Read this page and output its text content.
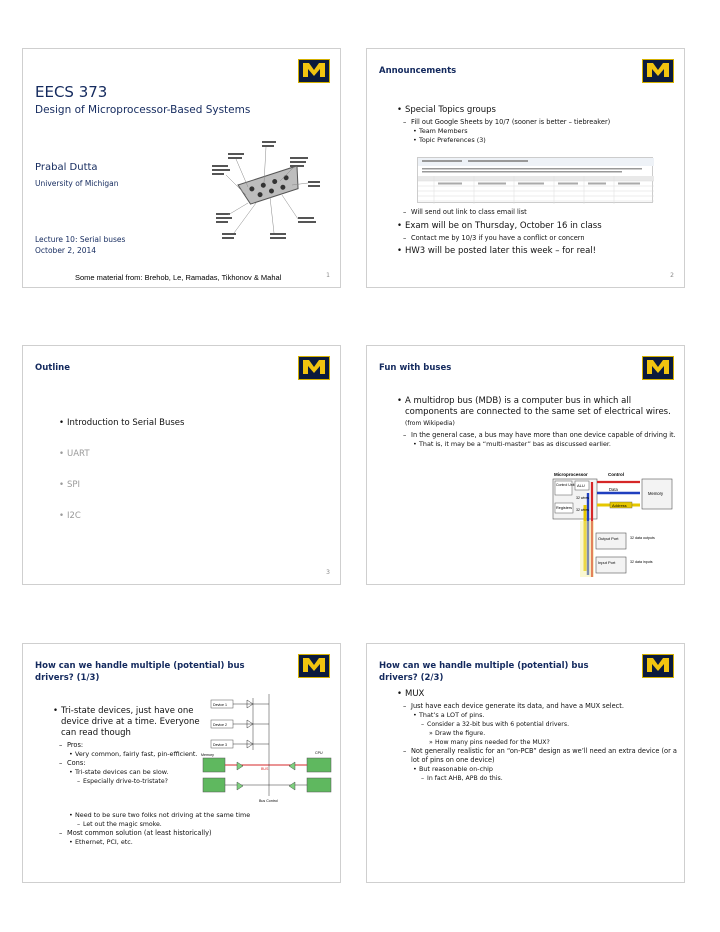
EECS 373
Design of Microprocessor-Based Systems
Prabal Dutta
University of Michigan
Lecture 10: Serial buses
October 2, 2014
Some material from: Brehob, Le, Ramadas, Tikhonov & Mahal	1
Announcements
• Special Topics groups
– Fill out Google Sheets by 10/7 (sooner is better – tiebreaker)
• Team Members
• Topic Preferences (3)
– Will send out link to class email list
• Exam will be on Thursday, October 16 in class
– Contact me by 10/3 if you have a conflict or concern
• HW3 will be posted later this week – for real!
2
Outline
• Introduction to Serial Buses
• UART
• SPI
• I2C
3
Fun with buses
• A multidrop bus (MDB) is a computer bus in which all components are connected to the same set of electrical wires. (from Wikipedia)
– In the general case, a bus may have more than one device capable of driving it.
• That is, it may be a “multi-master” bas as discussed earlier.
Microprocessor	Control
Control Unit ALU
Registers
Memory
Output Port
Input Port
Address
Data
32 wires
32 wires
32 data outputs
32 data inputs
How can we handle multiple (potential) bus drivers? (1/3)
• Tri-state devices, just have one device drive at a time. Everyone can read though
– Pros:
• Very common, fairly fast, pin-efficient.
– Cons:
• Tri-state devices can be slow.
– Especially drive-to-tristate?
• Need to be sure two folks not driving at the same time
– Let out the magic smoke.
– Most common solution (at least historically)
• Ethernet, PCI, etc.
Device 1
Device 2
Device 3
Memory	CPU
BUS
Bus Control
How can we handle multiple (potential) bus drivers? (2/3)
• MUX
– Just have each device generate its data, and have a MUX select.
• That’s a LOT of pins.
– Consider a 32-bit bus with 6 potential drivers.
» Draw the figure.
» How many pins needed for the MUX?
– Not generally realistic for an “on-PCB” design as we’ll need an extra device (or a lot of pins on one device)
• But reasonable on-chip
– In fact AHB, APB do this.
